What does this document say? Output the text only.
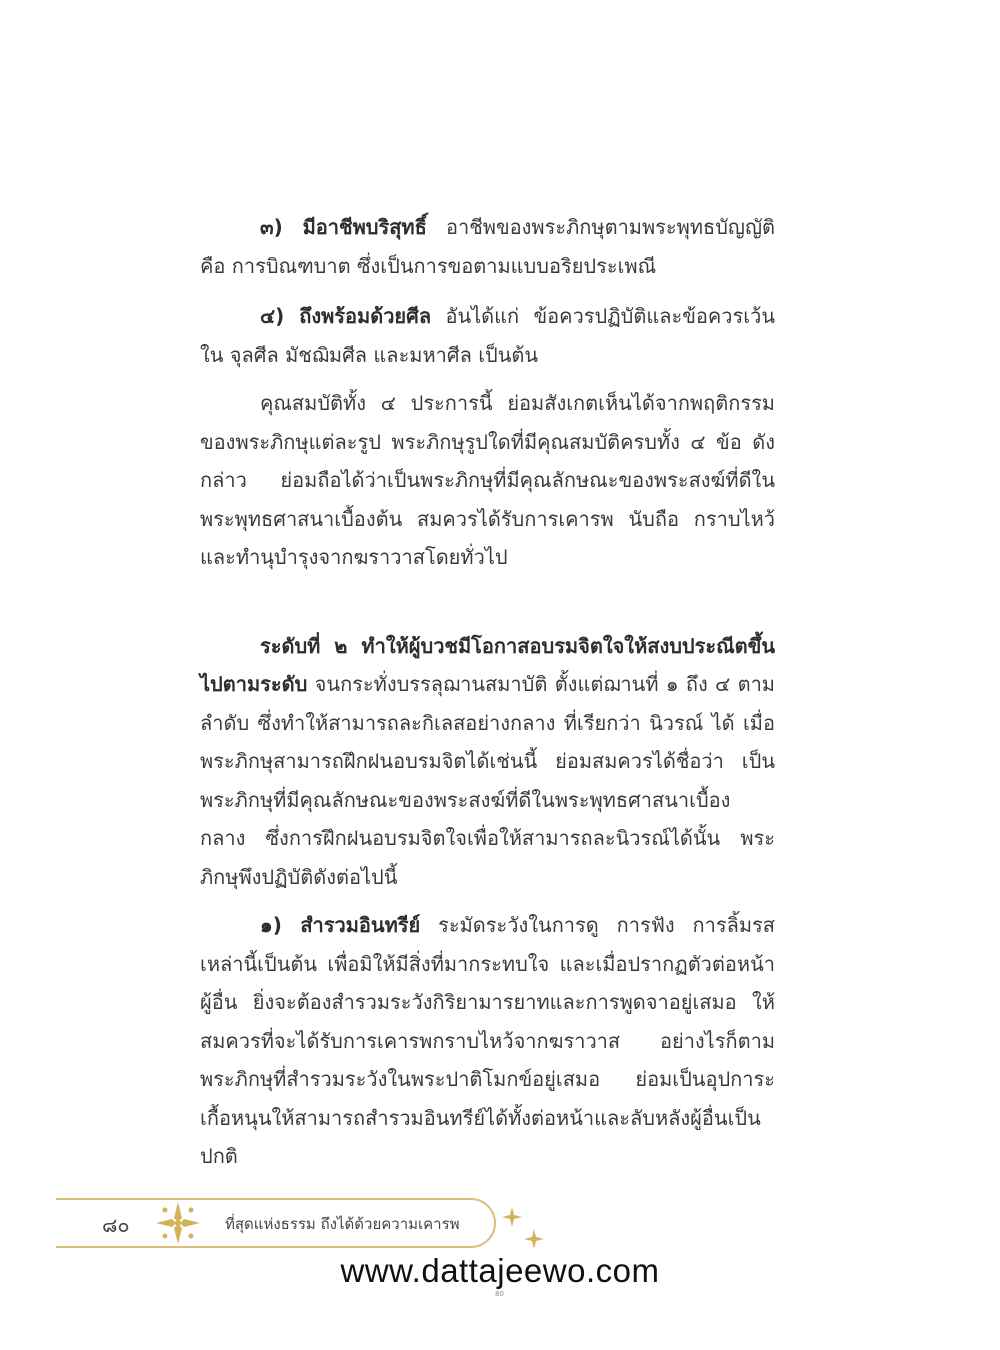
๓) มีอาชีพบริสุทธิ์ อาชีพของพระภิกษุตามพระพุทธบัญญัติ คือ การบิณฑบาต ซึ่งเป็นการขอตามแบบอริยประเพณี

๔) ถึงพร้อมด้วยศีล อันได้แก่ ข้อควรปฏิบัติและข้อควรเว้น ใน จุลศีล มัชฌิมศีล และมหาศีล เป็นต้น

คุณสมบัติทั้ง ๔ ประการนี้ ย่อมสังเกตเห็นได้จากพฤติกรรมของพระภิกษุแต่ละรูป พระภิกษุรูปใดที่มีคุณสมบัติครบทั้ง ๔ ข้อ ดังกล่าว ย่อมถือได้ว่าเป็นพระภิกษุที่มีคุณลักษณะของพระสงฆ์ที่ดีในพระพุทธศาสนาเบื้องต้น สมควรได้รับการเคารพ นับถือ กราบไหว้ และทำนุบำรุงจากฆราวาสโดยทั่วไป

ระดับที่ ๒ ทำให้ผู้บวชมีโอกาสอบรมจิตใจให้สงบประณีตขึ้นไปตามระดับ จนกระทั่งบรรลุฌานสมาบัติ ตั้งแต่ฌานที่ ๑ ถึง ๔ ตามลำดับ ซึ่งทำให้สามารถละกิเลสอย่างกลาง ที่เรียกว่า นิวรณ์ ได้ เมื่อพระภิกษุสามารถฝึกฝนอบรมจิตได้เช่นนี้ ย่อมสมควรได้ชื่อว่า เป็นพระภิกษุที่มีคุณลักษณะของพระสงฆ์ที่ดีในพระพุทธศาสนาเบื้องกลาง ซึ่งการฝึกฝนอบรมจิตใจเพื่อให้สามารถละนิวรณ์ได้นั้น พระภิกษุพึงปฏิบัติดังต่อไปนี้

๑) สำรวมอินทรีย์ ระมัดระวังในการดู การฟัง การลิ้มรส เหล่านี้เป็นต้น เพื่อมิให้มีสิ่งที่มากระทบใจ และเมื่อปรากฏตัวต่อหน้าผู้อื่น ยิ่งจะต้องสำรวมระวังกิริยามารยาทและการพูดจาอยู่เสมอ ให้สมควรที่จะได้รับการเคารพกราบไหว้จากฆราวาส อย่างไรก็ตาม พระภิกษุที่สำรวมระวังในพระปาติโมกข์อยู่เสมอ ย่อมเป็นอุปการะเกื้อหนุนให้สามารถสำรวมอินทรีย์ได้ทั้งต่อหน้าและลับหลังผู้อื่นเป็นปกติ

๘๐	ที่สุดแห่งธรรม ถึงได้ด้วยความเคารพ
www.dattajeewo.com
80
